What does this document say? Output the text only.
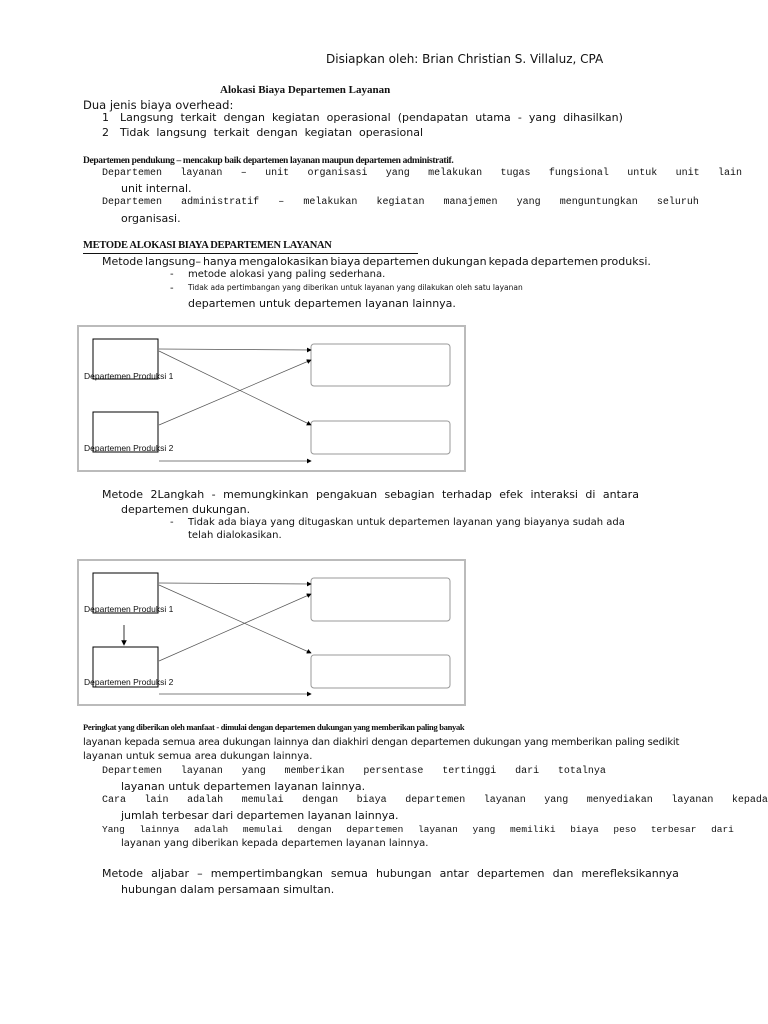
Disiapkan oleh: Brian Christian S. Villaluz, CPA
Alokasi Biaya Departemen Layanan
Dua jenis biaya overhead:
1 Langsung terkait dengan kegiatan operasional (pendapatan utama - yang dihasilkan)
2 Tidak langsung terkait dengan kegiatan operasional
Departemen pendukung – mencakup baik departemen layanan maupun departemen administratif.
Departemen layanan – unit organisasi yang melakukan tugas fungsional untuk unit lain
unit internal.
Departemen administratif – melakukan kegiatan manajemen yang menguntungkan seluruh
organisasi.
METODE ALOKASI BIAYA DEPARTEMEN LAYANAN
Metode langsung– hanya mengalokasikan biaya departemen dukungan kepada departemen produksi.
- metode alokasi yang paling sederhana.
- Tidak ada pertimbangan yang diberikan untuk layanan yang dilakukan oleh satu layanan
departemen untuk departemen layanan lainnya.
Departemen Produksi 1
Departemen Produksi 2
Metode 2Langkah - memungkinkan pengakuan sebagian terhadap efek interaksi di antara
departemen dukungan.
- Tidak ada biaya yang ditugaskan untuk departemen layanan yang biayanya sudah ada
telah dialokasikan.
Departemen Produksi 1
Departemen Produksi 2
Peringkat yang diberikan oleh manfaat - dimulai dengan departemen dukungan yang memberikan paling banyak
layanan kepada semua area dukungan lainnya dan diakhiri dengan departemen dukungan yang memberikan paling sedikit
layanan untuk semua area dukungan lainnya.
Departemen layanan yang memberikan persentase tertinggi dari totalnya
layanan untuk departemen layanan lainnya.
Cara lain adalah memulai dengan biaya departemen layanan yang menyediakan layanan kepada
jumlah terbesar dari departemen layanan lainnya.
Yang lainnya adalah memulai dengan departemen layanan yang memiliki biaya peso terbesar dari
layanan yang diberikan kepada departemen layanan lainnya.
Metode aljabar – mempertimbangkan semua hubungan antar departemen dan merefleksikannya
hubungan dalam persamaan simultan.
